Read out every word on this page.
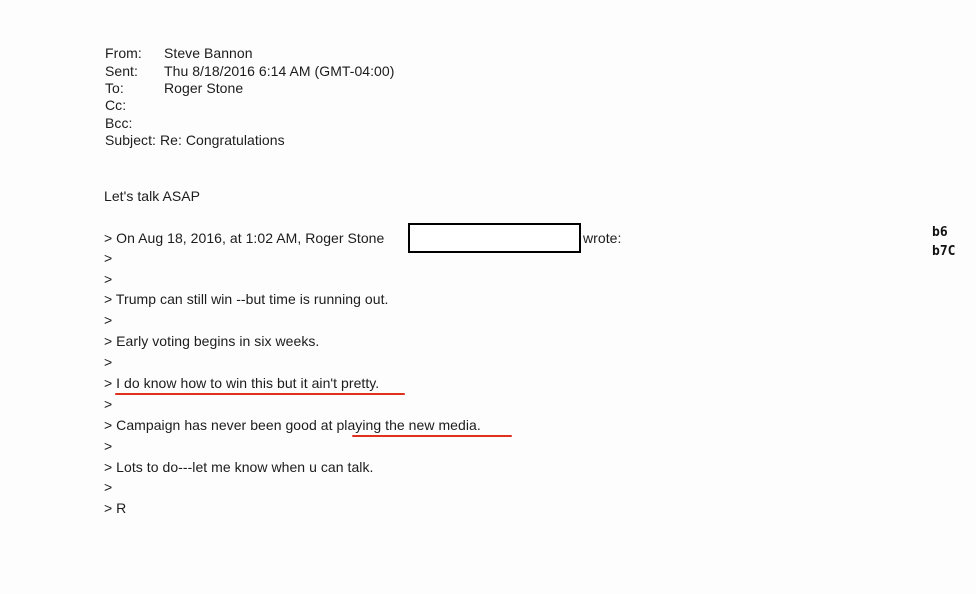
From: Steve Bannon
Sent: Thu 8/18/2016 6:14 AM (GMT-04:00)
To:	Roger Stone
Cc:
Bcc:
Subject: Re: Congratulations
Let's talk ASAP
> On Aug 18, 2016, at 1:02 AM, Roger Stone	wrote:	b6
b7C
>
>
> Trump can still win --but time is running out.
>
> Early voting begins in six weeks.
>
> I do know how to win this but it ain't pretty.
>
> Campaign has never been good at playing the new media.
>
> Lots to do---let me know when u can talk.
>
> R
